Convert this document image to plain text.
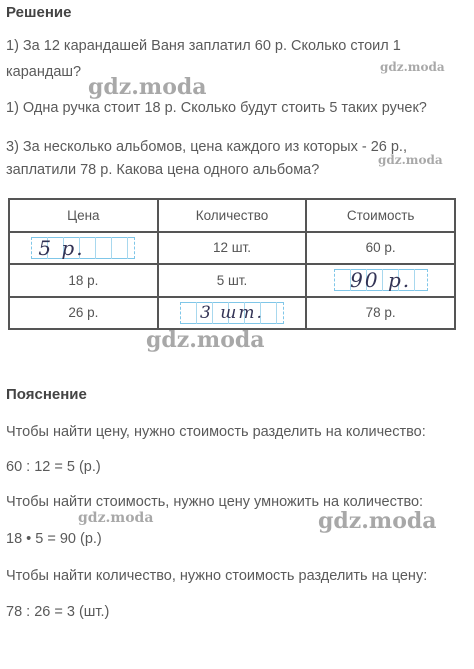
Решение
1) За 12 карандашей Ваня заплатил 60 р. Сколько стоил 1
карандаш?
gdz.moda
gdz.moda
1) Одна ручка стоит 18 р. Сколько будут стоить 5 таких ручек?
3) За несколько альбомов, цена каждого из которых - 26 р.,
gdz.moda
заплатили 78 р. Какова цена одного альбома?
Цена	Количество	Стоимость
5 р.	12 шт.	60 р.
18 р.	5 шт.	90 р.
26 р.	3 шт.	78 р.
gdz.moda
Пояснение
Чтобы найти цену, нужно стоимость разделить на количество:
60 : 12 = 5 (р.)
Чтобы найти стоимость, нужно цену умножить на количество:
gdz.moda	gdz.moda
18 • 5 = 90 (р.)
Чтобы найти количество, нужно стоимость разделить на цену:
78 : 26 = 3 (шт.)
